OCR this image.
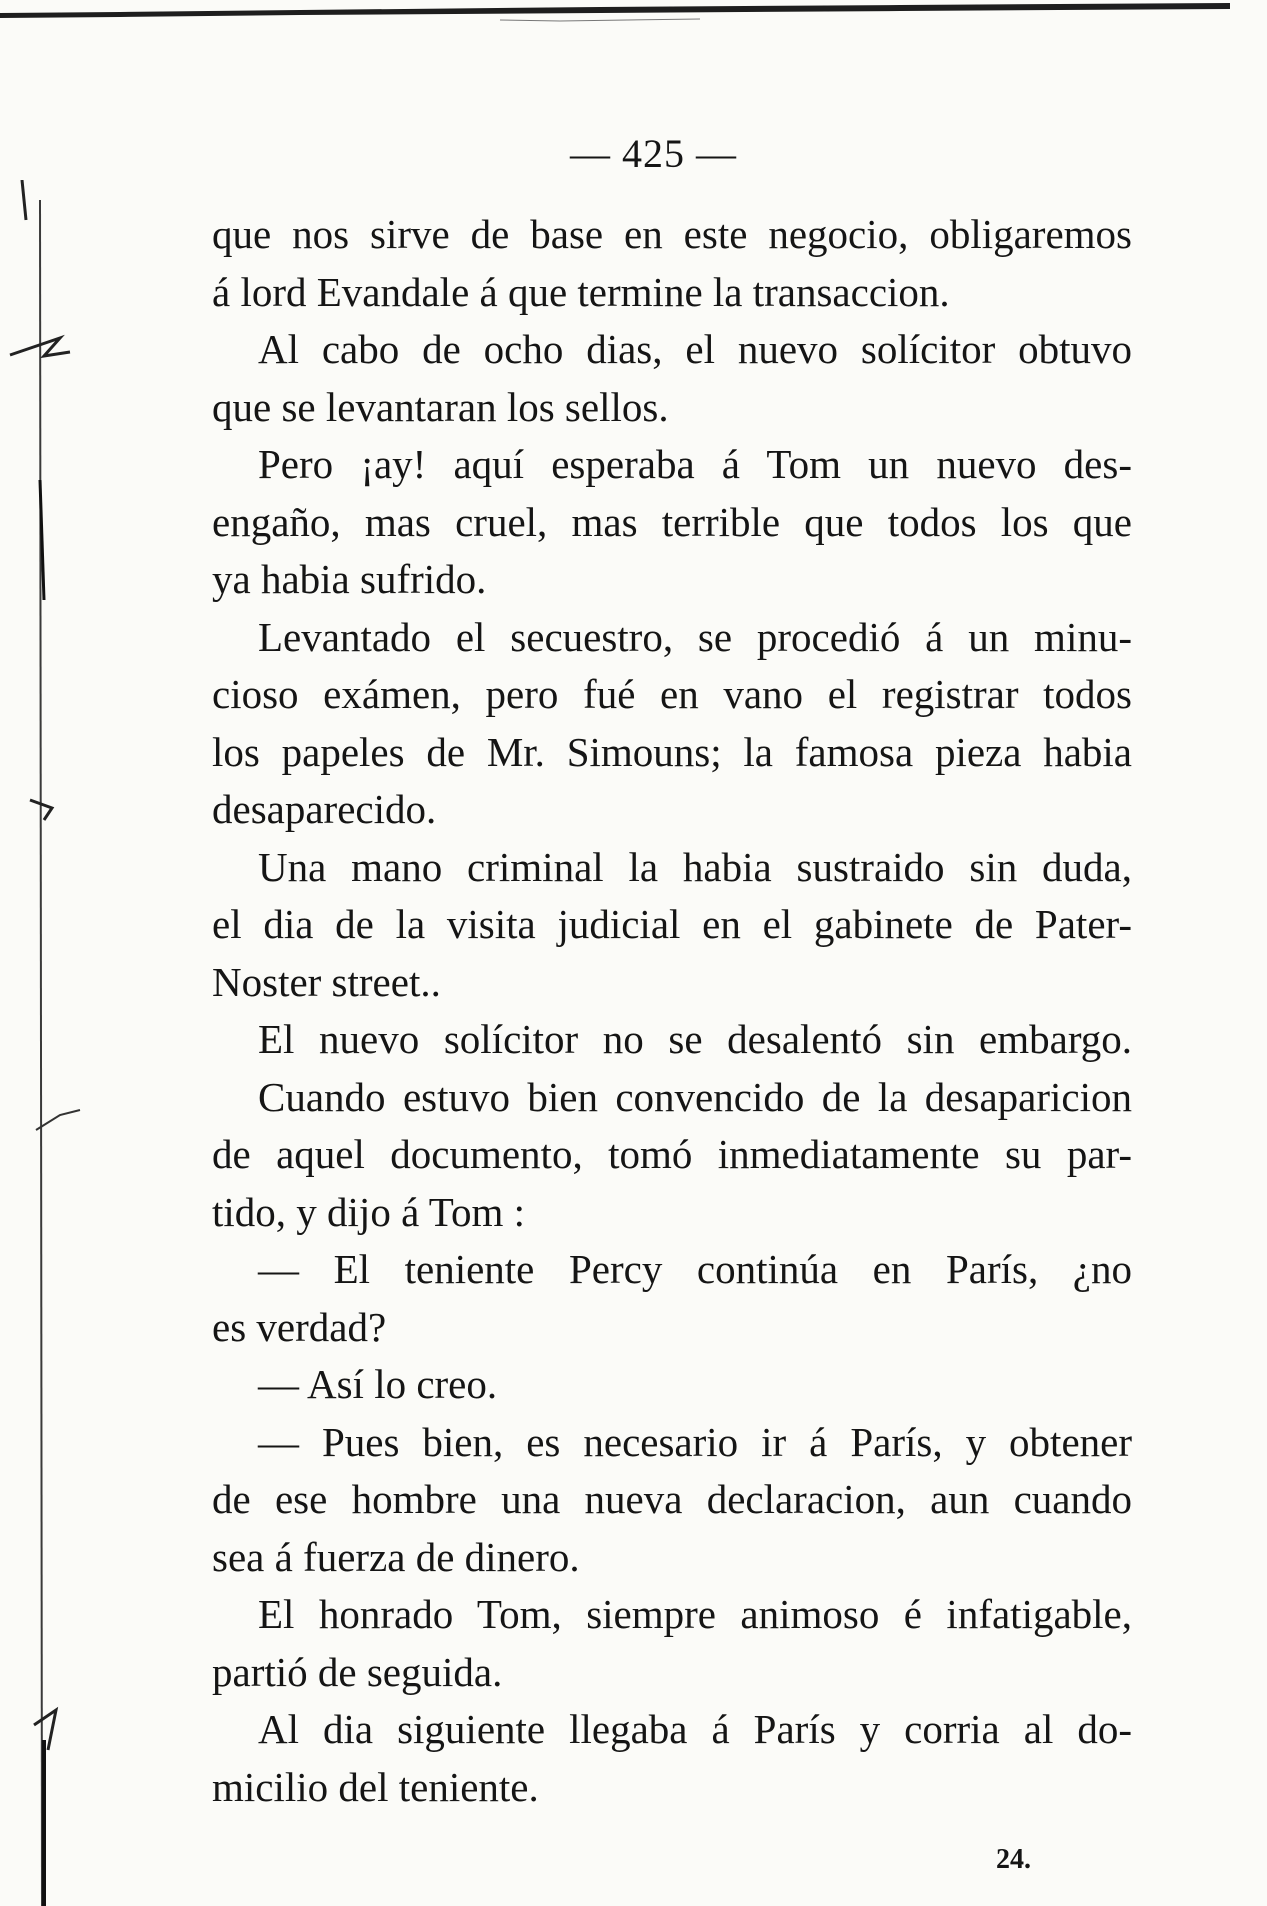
— 425 —
que nos sirve de base en este negocio, obligaremos
á lord Evandale á que termine la transaccion.
Al cabo de ocho dias, el nuevo solícitor obtuvo
que se levantaran los sellos.
Pero ¡ay! aquí esperaba á Tom un nuevo des-
engaño, mas cruel, mas terrible que todos los que
ya habia sufrido.
Levantado el secuestro, se procedió á un minu-
cioso exámen, pero fué en vano el registrar todos
los papeles de Mr. Simouns; la famosa pieza habia
desaparecido.
Una mano criminal la habia sustraido sin duda,
el dia de la visita judicial en el gabinete de Pater-
Noster street..
El nuevo solícitor no se desalentó sin embargo.
Cuando estuvo bien convencido de la desaparicion
de aquel documento, tomó inmediatamente su par-
tido, y dijo á Tom :
— El teniente Percy continúa en París, ¿no
es verdad?
— Así lo creo.
— Pues bien, es necesario ir á París, y obtener
de ese hombre una nueva declaracion, aun cuando
sea á fuerza de dinero.
El honrado Tom, siempre animoso é infatigable,
partió de seguida.
Al dia siguiente llegaba á París y corria al do-
micilio del teniente.
24.
